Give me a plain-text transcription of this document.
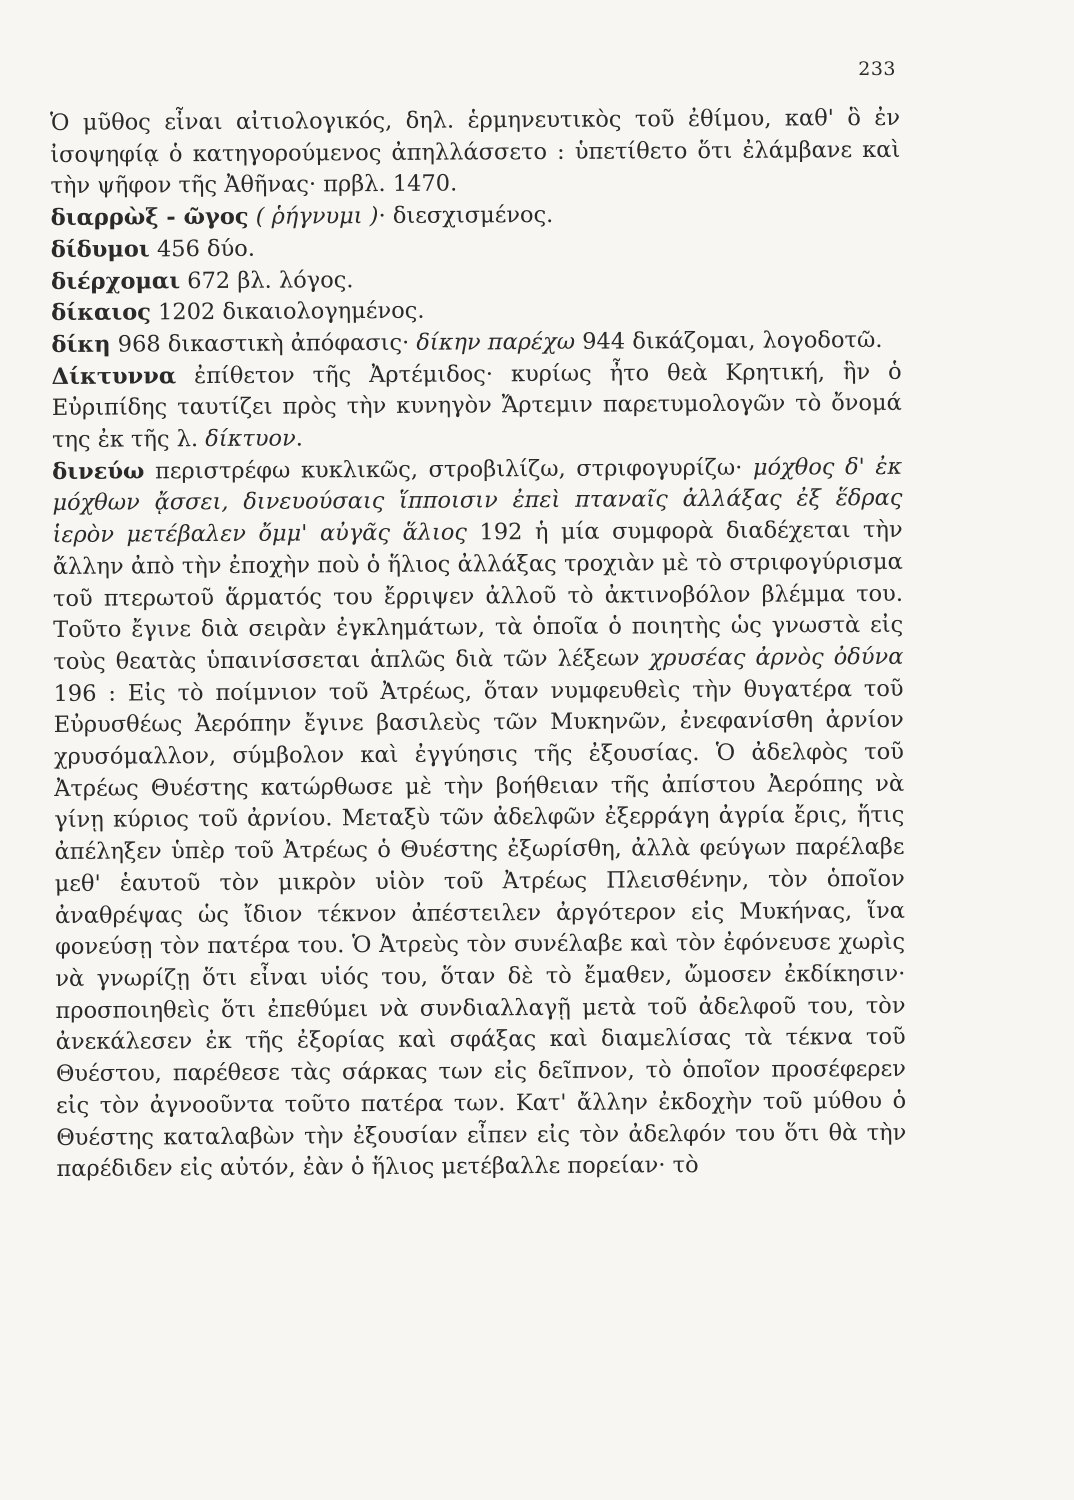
233

Ὁ μῦθος εἶναι αἰτιολογικός, δηλ. ἑρμηνευτικὸς τοῦ ἐθίμου, καθ' ὃ ἐν ἰσοψηφίᾳ ὁ κατηγορούμενος ἀπηλλάσσετο : ὑπετίθετο ὅτι ἐλάμβανε καὶ τὴν ψῆφον τῆς Ἀθῆνας· πρβλ. 1470.

διαρρὼξ - ῶγος ( ῥήγνυμι )· διεσχισμένος.

δίδυμοι 456 δύο.

διέρχομαι 672 βλ. λόγος.

δίκαιος 1202 δικαιολογημένος.

δίκη 968 δικαστικὴ ἀπόφασις· δίκην παρέχω 944 δικάζομαι, λογοδοτῶ.

Δίκτυννα ἐπίθετον τῆς Ἀρτέμιδος· κυρίως ἦτο θεὰ Κρητική, ἣν ὁ Εὐριπίδης ταυτίζει πρὸς τὴν κυνηγὸν Ἄρτεμιν παρετυμολογῶν τὸ ὄνομά της ἐκ τῆς λ. δίκτυον.

δινεύω περιστρέφω κυκλικῶς, στροβιλίζω, στριφογυρίζω· μόχθος δ' ἐκ μόχθων ᾄσσει, δινευούσαις ἵπποισιν ἐπεὶ πταναῖς ἀλλάξας ἐξ ἕδρας ἱερὸν μετέβαλεν ὄμμ' αὐγᾶς ἅλιος 192 ἡ μία συμφορὰ διαδέχεται τὴν ἄλλην ἀπὸ τὴν ἐποχὴν ποὺ ὁ ἥλιος ἀλλάξας τροχιὰν μὲ τὸ στριφογύρισμα τοῦ πτερωτοῦ ἅρματός του ἔρριψεν ἀλλοῦ τὸ ἀκτινοβόλον βλέμμα του. Τοῦτο ἔγινε διὰ σειρὰν ἐγκλημάτων, τὰ ὁποῖα ὁ ποιητὴς ὡς γνωστὰ εἰς τοὺς θεατὰς ὑπαινίσσεται ἁπλῶς διὰ τῶν λέξεων χρυσέας ἀρνὸς ὀδύνα 196 : Εἰς τὸ ποίμνιον τοῦ Ἀτρέως, ὅταν νυμφευθεὶς τὴν θυγατέρα τοῦ Εὐρυσθέως Ἀερόπην ἔγινε βασιλεὺς τῶν Μυκηνῶν, ἐνεφανίσθη ἀρνίον χρυσόμαλλον, σύμβολον καὶ ἐγγύησις τῆς ἐξουσίας. Ὁ ἀδελφὸς τοῦ Ἀτρέως Θυέστης κατώρθωσε μὲ τὴν βοήθειαν τῆς ἀπίστου Ἀερόπης νὰ γίνῃ κύριος τοῦ ἀρνίου. Μεταξὺ τῶν ἀδελφῶν ἐξερράγη ἀγρία ἔρις, ἥτις ἀπέληξεν ὑπὲρ τοῦ Ἀτρέως ὁ Θυέστης ἐξωρίσθη, ἀλλὰ φεύγων παρέλαβε μεθ' ἑαυτοῦ τὸν μικρὸν υἱὸν τοῦ Ἀτρέως Πλεισθένην, τὸν ὁποῖον ἀναθρέψας ὡς ἴδιον τέκνον ἀπέστειλεν ἀργότερον εἰς Μυκήνας, ἵνα φονεύσῃ τὸν πατέρα του. Ὁ Ἀτρεὺς τὸν συνέλαβε καὶ τὸν ἐφόνευσε χωρὶς νὰ γνωρίζῃ ὅτι εἶναι υἱός του, ὅταν δὲ τὸ ἔμαθεν, ὤμοσεν ἐκδίκησιν· προσποιηθεὶς ὅτι ἐπεθύμει νὰ συνδιαλλαγῇ μετὰ τοῦ ἀδελφοῦ του, τὸν ἀνεκάλεσεν ἐκ τῆς ἐξορίας καὶ σφάξας καὶ διαμελίσας τὰ τέκνα τοῦ Θυέστου, παρέθεσε τὰς σάρκας των εἰς δεῖπνον, τὸ ὁποῖον προσέφερεν εἰς τὸν ἀγνοοῦντα τοῦτο πατέρα των. Κατ' ἄλλην ἐκδοχὴν τοῦ μύθου ὁ Θυέστης καταλαβὼν τὴν ἐξουσίαν εἶπεν εἰς τὸν ἀδελφόν του ὅτι θὰ τὴν παρέδιδεν εἰς αὐτόν, ἐὰν ὁ ἥλιος μετέβαλλε πορείαν· τὸ
